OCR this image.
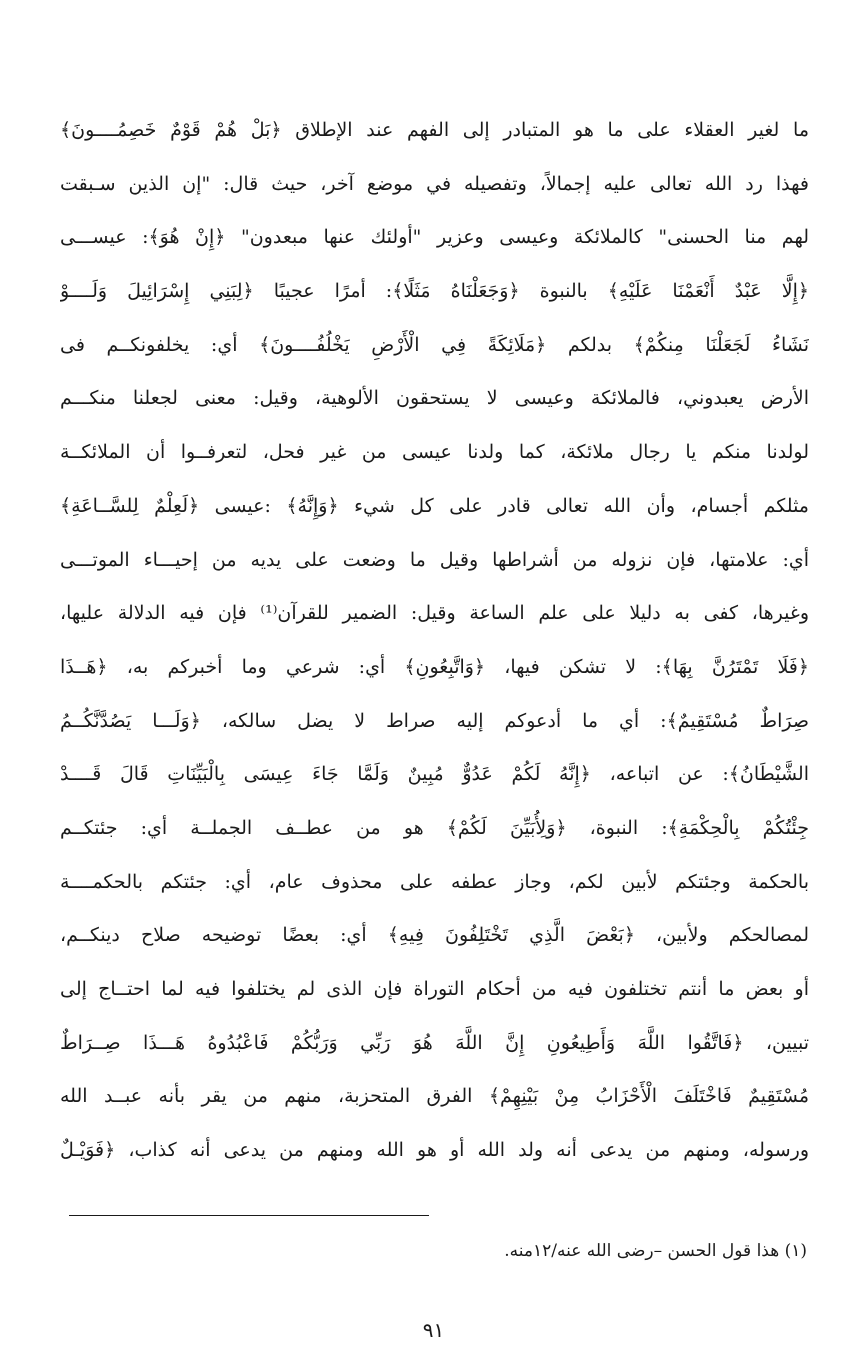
ما لغير العقلاء على ما هو المتبادر إلى الفهم عند الإطلاق ﴿بَلْ هُمْ قَوْمٌ خَصِمُــــونَ﴾
فهذا رد الله تعالى عليه إجمالاً، وتفصيله في موضع آخر، حيث قال: "إن الذين سـبقت
لهم منا الحسنى" كالملائكة وعيسى وعزير "أولئك عنها مبعدون" ﴿إِنْ هُوَ﴾: عيســـى
﴿إِلَّا عَبْدٌ أَنْعَمْنَا عَلَيْهِ﴾ بالنبوة ﴿وَجَعَلْنَاهُ مَثَلًا﴾: أمرًا عجيبًا ﴿لِبَنِي إِسْرَائِيلَ وَلَــــوْ
نَشَاءُ لَجَعَلْنَا مِنكُمْ﴾ بدلكم ﴿مَلَائِكَةً فِي الْأَرْضِ يَخْلُفُــــونَ﴾ أي: يخلفونكــم فى
الأرض يعبدوني، فالملائكة وعيسى لا يستحقون الألوهية، وقيل: معنى لجعلنا منكـــم
لولدنا منكم يا رجال ملائكة، كما ولدنا عيسى من غير فحل، لتعرفــوا أن الملائكــة
مثلكم أجسام، وأن الله تعالى قادر على كل شيء ﴿وَإِنَّهُ﴾ :عيسى ﴿لَعِلْمٌ لِلسَّــاعَةِ﴾
أي: علامتها، فإن نزوله من أشراطها وقيل ما وضعت على يديه من إحيـــاء الموتـــى
وغيرها، كفى به دليلا على علم الساعة وقيل: الضمير للقرآن⁽¹⁾ فإن فيه الدلالة عليها،
﴿فَلَا تَمْتَرُنَّ بِهَا﴾: لا تشكن فيها، ﴿وَاتَّبِعُونِ﴾ أي: شرعي وما أخبركم به، ﴿هَــذَا
صِرَاطٌ مُسْتَقِيمٌ﴾: أي ما أدعوكم إليه صراط لا يضل سالكه، ﴿وَلَـــا يَصُدَّنَّكُــمُ
الشَّيْطَانُ﴾: عن اتباعه، ﴿إِنَّهُ لَكُمْ عَدُوٌّ مُبِينٌ وَلَمَّا جَاءَ عِيسَى بِالْبَيِّنَاتِ قَالَ قَــــدْ
جِئْتُكُمْ بِالْحِكْمَةِ﴾: النبوة، ﴿وَلِأُبَيِّنَ لَكُمْ﴾ هو من عطــف الجملــة أي: جئتكــم
بالحكمة وجئتكم لأبين لكم، وجاز عطفه على محذوف عام، أي: جئتكم بالحكمــــة
لمصالحكم ولأبين، ﴿بَعْضَ الَّذِي تَخْتَلِفُونَ فِيهِ﴾ أي: بعضًا توضيحه صلاح دينكــم،
أو بعض ما أنتم تختلفون فيه من أحكام التوراة فإن الذى لم يختلفوا فيه لما احتــاج إلى
تبيين، ﴿فَاتَّقُوا اللَّهَ وَأَطِيعُونِ إِنَّ اللَّهَ هُوَ رَبِّي وَرَبُّكُمْ فَاعْبُدُوهُ هَـــذَا صِــرَاطٌ
مُسْتَقِيمٌ فَاخْتَلَفَ الْأَحْزَابُ مِنْ بَيْنِهِمْ﴾ الفرق المتحزبة، منهم من يقر بأنه عبــد الله
ورسوله، ومنهم من يدعى أنه ولد الله أو هو الله ومنهم من يدعى أنه كذاب، ﴿فَوَيْـلٌ
(١) هذا قول الحسن –رضى الله عنه/١٢منه.
٩١
